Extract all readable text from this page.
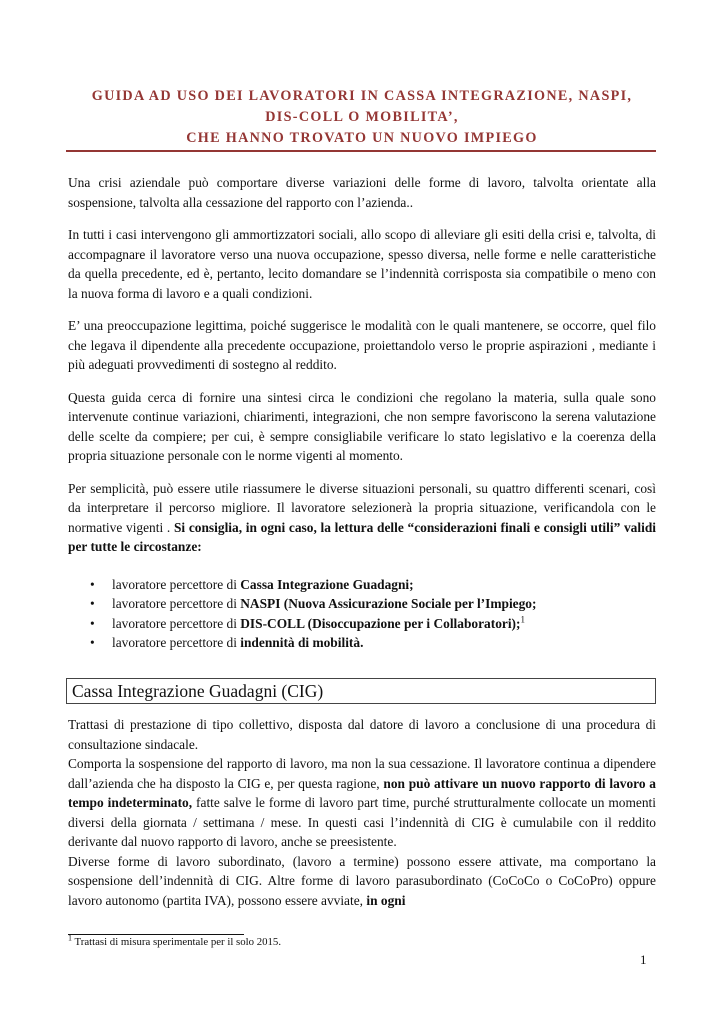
GUIDA AD USO DEI LAVORATORI IN CASSA INTEGRAZIONE, NASPI,
DIS-COLL O MOBILITA’,
CHE HANNO TROVATO UN NUOVO IMPIEGO

Una crisi aziendale può comportare diverse variazioni delle forme di lavoro, talvolta orientate alla sospensione, talvolta alla cessazione del rapporto con l’azienda..

In tutti i casi intervengono gli ammortizzatori sociali, allo scopo di alleviare gli esiti della crisi e, talvolta, di accompagnare il lavoratore verso una nuova occupazione, spesso diversa, nelle forme e nelle caratteristiche da quella precedente, ed è, pertanto, lecito domandare se l’indennità corrisposta sia compatibile o meno con la nuova forma di lavoro e a quali condizioni.

E’ una preoccupazione legittima, poiché suggerisce le modalità con le quali mantenere, se occorre, quel filo che legava il dipendente alla precedente occupazione, proiettandolo verso le proprie aspirazioni , mediante i più adeguati provvedimenti di sostegno al reddito.

Questa guida cerca di fornire una sintesi circa le condizioni che regolano la materia, sulla quale sono intervenute continue variazioni, chiarimenti, integrazioni, che non sempre favoriscono la serena valutazione delle scelte da compiere; per cui, è sempre consigliabile verificare lo stato legislativo e la coerenza della propria situazione personale con le norme vigenti al momento.

Per semplicità, può essere utile riassumere le diverse situazioni personali, su quattro differenti scenari, così da interpretare il percorso migliore. Il lavoratore selezionerà la propria situazione, verificandola con le normative vigenti . Si consiglia, in ogni caso, la lettura delle “considerazioni finali e consigli utili” validi per tutte le circostanze:

• lavoratore percettore di Cassa Integrazione Guadagni;
• lavoratore percettore di NASPI (Nuova Assicurazione Sociale per l’Impiego;
• lavoratore percettore di DIS-COLL (Disoccupazione per i Collaboratori);$^1$
• lavoratore percettore di indennità di mobilità.
Cassa Integrazione Guadagni (CIG)
Trattasi di prestazione di tipo collettivo, disposta dal datore di lavoro a conclusione di una procedura di consultazione sindacale.
Comporta la sospensione del rapporto di lavoro, ma non la sua cessazione. Il lavoratore continua a dipendere dall’azienda che ha disposto la CIG e, per questa ragione, non può attivare un nuovo rapporto di lavoro a tempo indeterminato, fatte salve le forme di lavoro part time, purché strutturalmente collocate un momenti diversi della giornata / settimana / mese. In questi casi l’indennità di CIG è cumulabile con il reddito derivante dal nuovo rapporto di lavoro, anche se preesistente.
Diverse forme di lavoro subordinato, (lavoro a termine) possono essere attivate, ma comportano la sospensione dell’indennità di CIG. Altre forme di lavoro parasubordinato (CoCoCo o CoCoPro) oppure lavoro autonomo (partita IVA), possono essere avviate, in ogni
$^1$ Trattasi di misura sperimentale per il solo 2015.
1
